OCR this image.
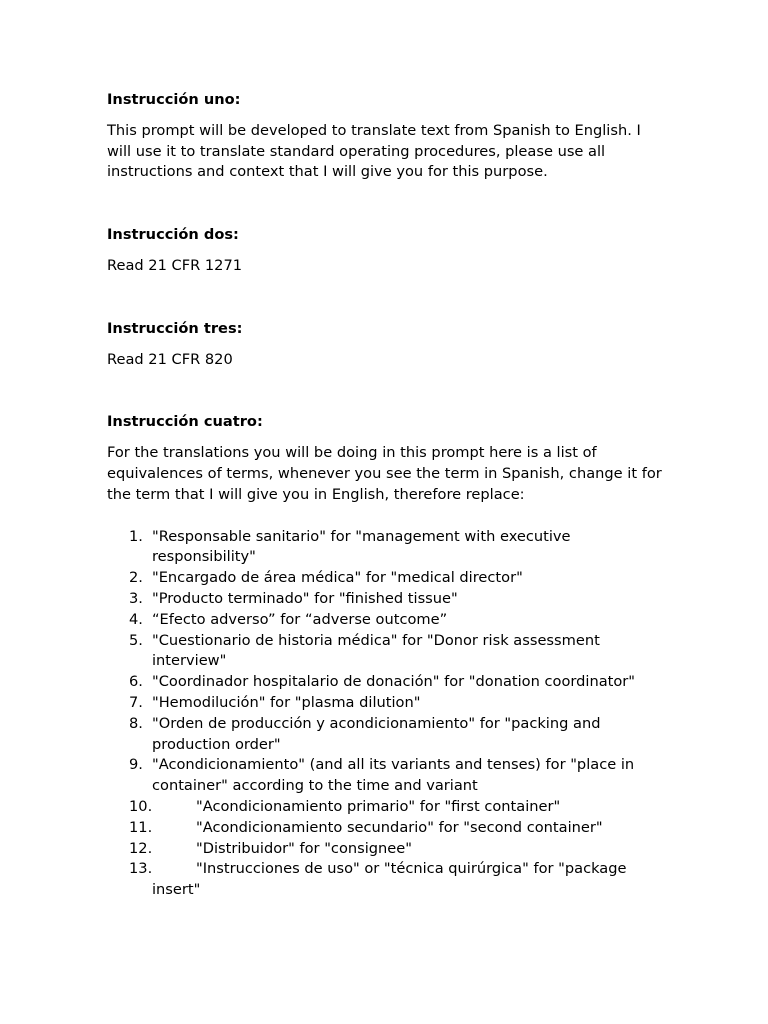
Instrucción uno:

This prompt will be developed to translate text from Spanish to English. I will use it to translate standard operating procedures, please use all instructions and context that I will give you for this purpose.

Instrucción dos:

Read 21 CFR 1271

Instrucción tres:

Read 21 CFR 820

Instrucción cuatro:

For the translations you will be doing in this prompt here is a list of equivalences of terms, whenever you see the term in Spanish, change it for the term that I will give you in English, therefore replace:

1. "Responsable sanitario" for "management with executive responsibility"
2. "Encargado de área médica" for "medical director"
3. "Producto terminado" for "finished tissue"
4. “Efecto adverso” for “adverse outcome”
5. "Cuestionario de historia médica" for "Donor risk assessment interview"
6. "Coordinador hospitalario de donación" for "donation coordinator"
7. "Hemodilución" for "plasma dilution"
8. "Orden de producción y acondicionamiento" for "packing and production order"
9. "Acondicionamiento" (and all its variants and tenses) for "place in container" according to the time and variant
10.	"Acondicionamiento primario" for "first container"
11.	"Acondicionamiento secundario" for "second container"
12.	"Distribuidor" for "consignee"
13.	"Instrucciones de uso" or "técnica quirúrgica" for "package insert"
